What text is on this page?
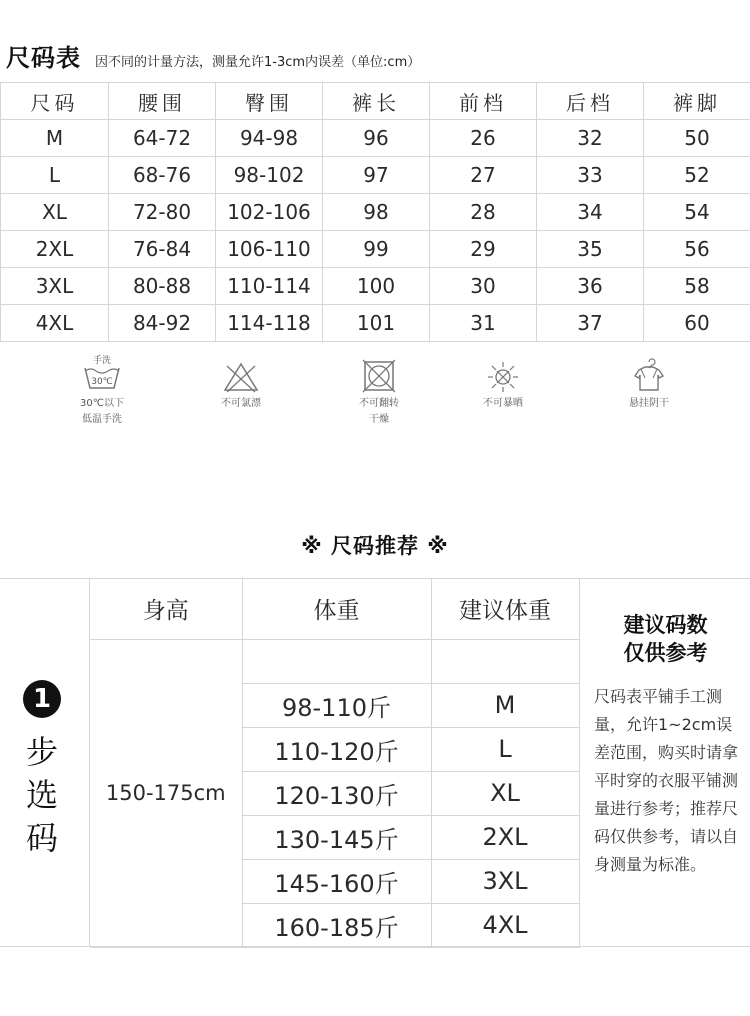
尺码表 因不同的计量方法，测量允许1-3cm内误差（单位:cm）
尺码	腰围	臀围	裤长	前档	后档	裤脚
M	64-72	94-98	96	26	32	50
L	68-76	98-102	97	27	33	52
XL	72-80	102-106	98	28	34	54
2XL	76-84	106-110	99	29	35	56
3XL	80-88	110-114	100	30	36	58
4XL	84-92	114-118	101	31	37	60
手洗
30℃
30℃以下
低温手洗
不可氯漂	不可翻转
干燥
不可暴晒	悬挂阴干
※ 尺码推荐 ※
1
步
选
码
身高	体重	建议体重
150-175cm		
	98-110斤	M
	110-120斤	L
	120-130斤	XL
	130-145斤	2XL
	145-160斤	3XL
	160-185斤	4XL
建议码数
仅供参考
尺码表平铺手工测量，允许1~2cm误差范围，购买时请拿平时穿的衣服平铺测量进行参考；推荐尺码仅供参考，请以自身测量为标准。
